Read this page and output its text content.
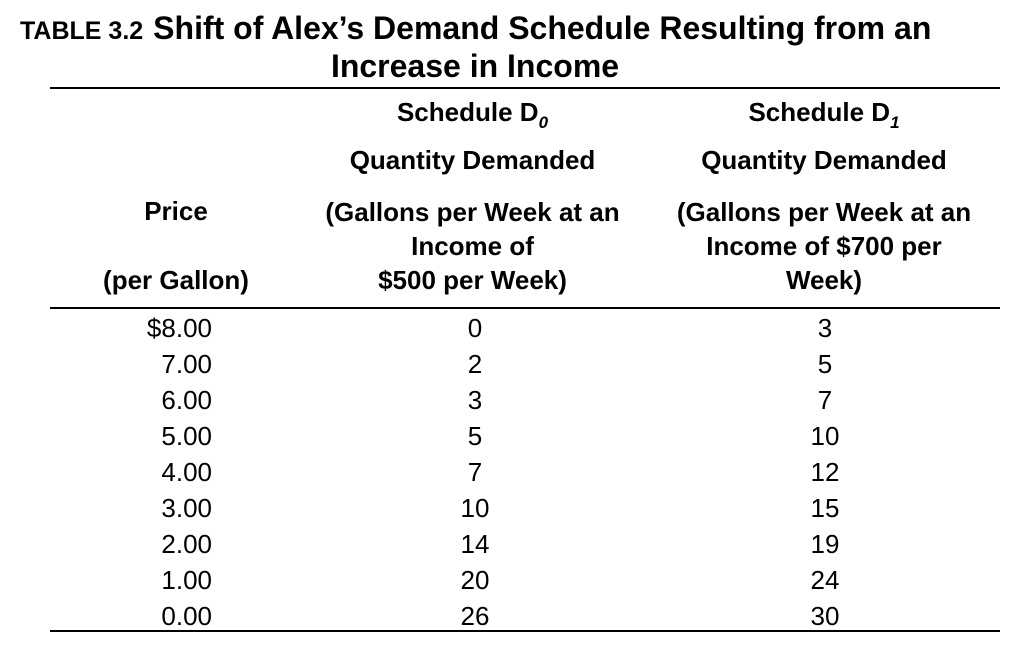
TABLE 3.2 Shift of Alex’s Demand Schedule Resulting from an
Increase in Income
Price
(per Gallon)
Schedule $D_0$
Quantity Demanded
(Gallons per Week at an
Income of
$500 per Week)
Schedule $D_1$
Quantity Demanded
(Gallons per Week at an
Income of $700 per
Week)
$8.00	0	3
7.00	2	5
6.00	3	7
5.00	5	10
4.00	7	12
3.00	10	15
2.00	14	19
1.00	20	24
0.00	26	30
